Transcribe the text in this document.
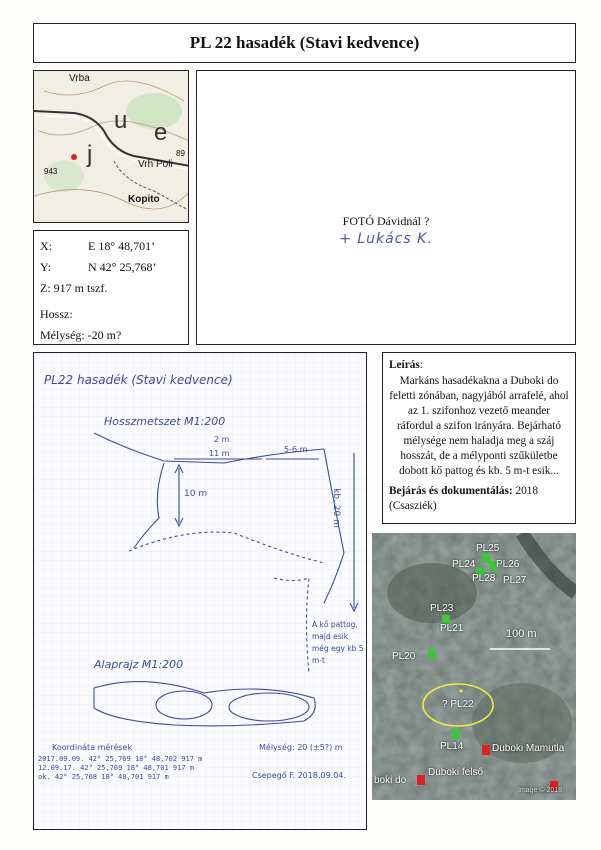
PL 22 hasadék (Stavi kedvence)
Vrba
j
u e
Vrh Poli
Kopito
943
89
FOTÓ Dávidnál ?
+ Lukács K.
X:	E 18° 48,701’
Y:	N 42° 25,768’
Z: 917 m tszf.
Hossz:
Mélység: -20 m?
PL22 hasadék (Stavi kedvence)
Hosszmetszet M1:200
2 m
11 m	5-6 m
10 m	kb. 20 m
A kő pattog, majd esik még egy kb 5 m-t
Alaprajz M1:200
Koordináta mérések
2017.09.09. 42° 25,769 18° 48,702 917 m
12.09.17. 42° 25,769 18° 48,701 917 m
ok. 42° 25,768 18° 48,701 917 m
Mélység: 20 (±5?) m
Csepegő F. 2018.09.04.

Leírás:

Markáns hasadékakna a Duboki do feletti zónában, nagyjából arrafelé, ahol az 1. szifonhoz vezető meander ráfordul a szifon irányára. Bejárható mélysége nem haladja meg a száj hosszát, de a mélyponti szűkületbe dobott kő pattog és kb. 5 m-t esik...

Bejárás és dokumentálás: 2018 (Csasziék)

PL25
PL24 PL26
PL28 PL27
PL23
PL21
PL20
? PL22
PL14	Duboki Mamutla
Duboki felső
boki do
100 m
Image © 2018
